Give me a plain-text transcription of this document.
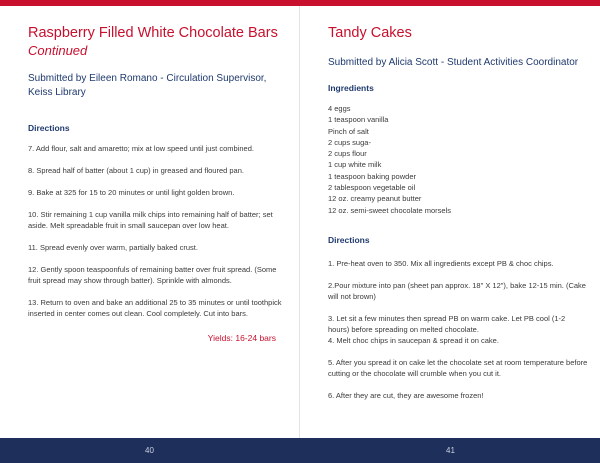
Raspberry Filled White Chocolate Bars
Continued

Submitted by Eileen Romano - Circulation Supervisor, Keiss Library

Directions

7. Add flour, salt and amaretto; mix at low speed until just combined.

8. Spread half of batter (about 1 cup) in greased and floured pan.

9. Bake at 325 for 15 to 20 minutes or until light golden brown.

10. Stir remaining 1 cup vanilla milk chips into remaining half of batter; set aside. Melt spreadable fruit in small saucepan over low heat.

11. Spread evenly over warm, partially baked crust.

12. Gently spoon teaspoonfuls of remaining batter over fruit spread. (Some fruit spread may show through batter). Sprinkle with almonds.

13. Return to oven and bake an additional 25 to 35 minutes or until toothpick inserted in center comes out clean. Cool completely. Cut into bars.

Yields: 16-24 bars

Tandy Cakes

Submitted by Alicia Scott - Student Activities Coordinator

Ingredients

4 eggs
1 teaspoon vanilla
Pinch of salt
2 cups suga-
2 cups flour
1 cup white milk
1 teaspoon baking powder
2 tablespoon vegetable oil
12 oz. creamy peanut butter
12 oz. semi-sweet chocolate morsels

Directions

1. Pre-heat oven to 350. Mix all ingredients except PB & choc chips.

2.Pour mixture into pan (sheet pan approx. 18" X 12"), bake 12-15 min. (Cake will not brown)

3. Let sit a few minutes then spread PB on warm cake. Let PB cool (1-2 hours) before spreading on melted chocolate.

4. Melt choc chips in saucepan & spread it on cake.

5. After you spread it on cake let the chocolate set at room temperature before cutting or the chocolate will crumble when you cut it.

6. After they are cut, they are awesome frozen!

40	41
